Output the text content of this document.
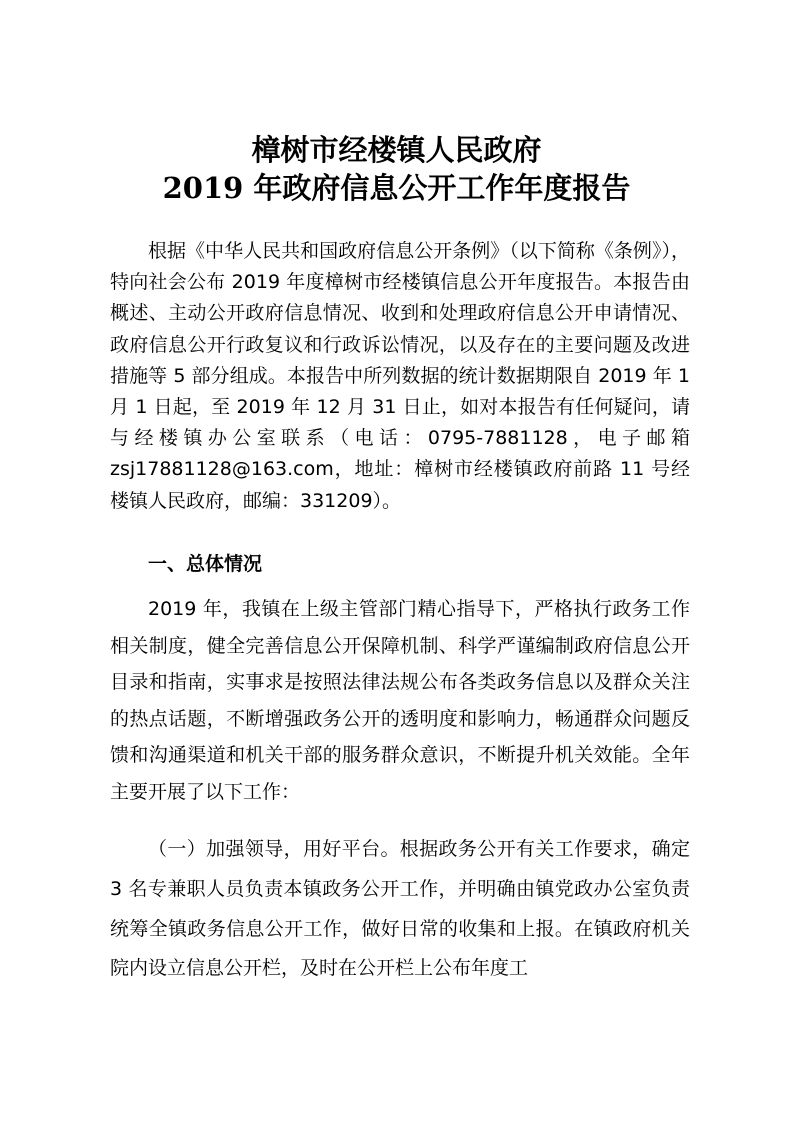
樟树市经楼镇人民政府
2019 年政府信息公开工作年度报告
根据《中华人民共和国政府信息公开条例》（以下简称《条例》），特向社会公布 2019 年度樟树市经楼镇信息公开年度报告。本报告由概述、主动公开政府信息情况、收到和处理政府信息公开申请情况、政府信息公开行政复议和行政诉讼情况，以及存在的主要问题及改进措施等 5 部分组成。本报告中所列数据的统计数据期限自 2019 年 1 月 1 日起，至 2019 年 12 月 31 日止，如对本报告有任何疑问，请与经楼镇办公室联系（电话：0795-7881128，电子邮箱 zsj17881128@163.com，地址：樟树市经楼镇政府前路 11 号经楼镇人民政府，邮编：331209）。
一、总体情况
2019 年，我镇在上级主管部门精心指导下，严格执行政务工作相关制度，健全完善信息公开保障机制、科学严谨编制政府信息公开目录和指南，实事求是按照法律法规公布各类政务信息以及群众关注的热点话题，不断增强政务公开的透明度和影响力，畅通群众问题反馈和沟通渠道和机关干部的服务群众意识，不断提升机关效能。全年主要开展了以下工作：
（一）加强领导，用好平台。根据政务公开有关工作要求，确定 3 名专兼职人员负责本镇政务公开工作，并明确由镇党政办公室负责统筹全镇政务信息公开工作，做好日常的收集和上报。在镇政府机关院内设立信息公开栏，及时在公开栏上公布年度工
